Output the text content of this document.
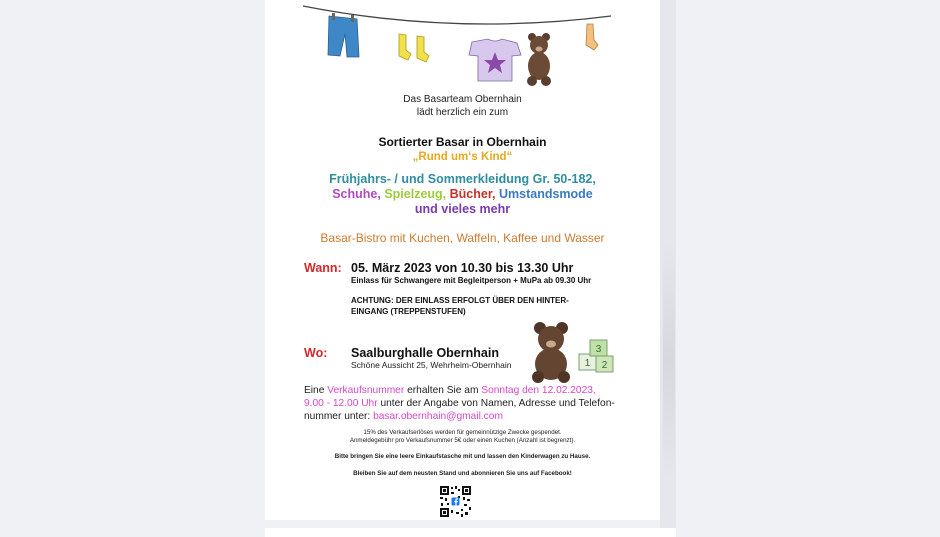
Das Basarteam Obernhain
lädt herzlich ein zum
Sortierter Basar in Obernhain
„Rund um‘s Kind“
Frühjahrs- / und Sommerkleidung Gr. 50-182,
Schuhe, Spielzeug, Bücher, Umstandsmode
und vieles mehr
Basar-Bistro mit Kuchen, Waffeln, Kaffee und Wasser
Wann: 05. März 2023 von 10.30 bis 13.30 Uhr
Einlass für Schwangere mit Begleitperson + MuPa ab 09.30 Uhr
ACHTUNG: DER EINLASS ERFOLGT ÜBER DEN HINTER-
EINGANG (TREPPENSTUFEN)
Wo: Saalburghalle Obernhain
Schöne Aussicht 25, Wehrheim-Obernhain	1 2
3
Eine Verkaufsnummer erhalten Sie am Sonntag den 12.02.2023,
9.00 - 12.00 Uhr unter der Angabe von Namen, Adresse und Telefon-
nummer unter: basar.obernhain@gmail.com
15% des Verkaufserlöses werden für gemeinnützige Zwecke gespendet.
Anmeldegebühr pro Verkaufsnummer 5€ oder einen Kuchen (Anzahl ist begrenzt).
Bitte bringen Sie eine leere Einkaufstasche mit und lassen den Kinderwagen zu Hause.
Bleiben Sie auf dem neusten Stand und abonnieren Sie uns auf Facebook!
